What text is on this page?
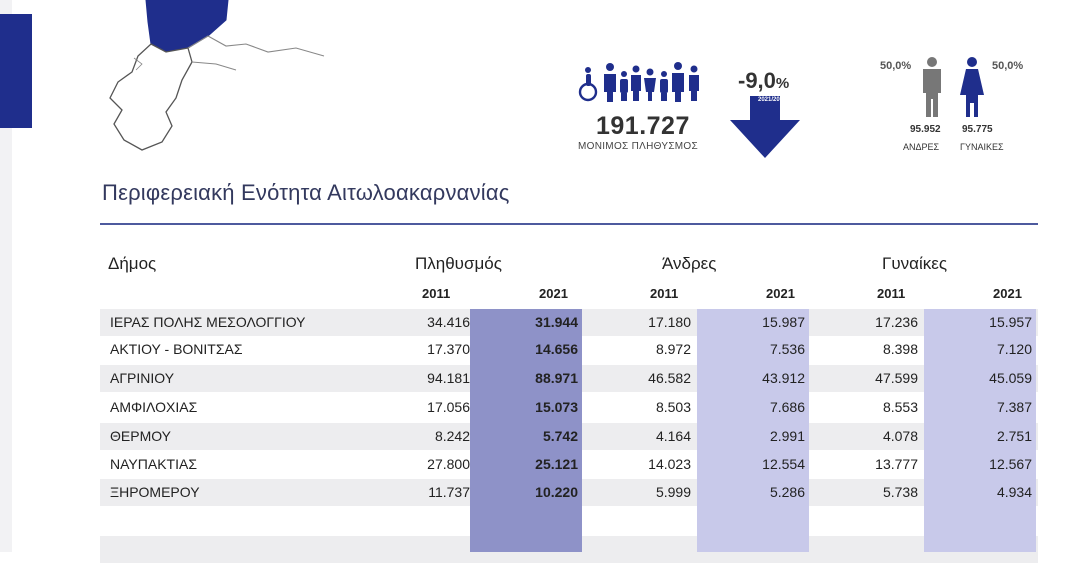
191.727
ΜΟΝΙΜΟΣ ΠΛΗΘΥΣΜΟΣ
-9,0%
2021/2011
50,0%	50,0%
95.952 95.775
ΑΝΔΡΕΣ ΓΥΝΑΙΚΕΣ
Περιφερειακή Ενότητα Αιτωλοακαρνανίας
Δήμος	Πληθυσμός	Άνδρες	Γυναίκες
2011	2021	2011	2021	2011	2021
ΙΕΡΑΣ ΠΟΛΗΣ ΜΕΣΟΛΟΓΓΙΟΥ	34.416	31.944	17.180	15.987	17.236	15.957
ΑΚΤΙΟΥ - ΒΟΝΙΤΣΑΣ	17.370	14.656	8.972	7.536	8.398	7.120
ΑΓΡΙΝΙΟΥ	94.181	88.971	46.582	43.912	47.599	45.059
ΑΜΦΙΛΟΧΙΑΣ	17.056	15.073	8.503	7.686	8.553	7.387
ΘΕΡΜΟΥ	8.242	5.742	4.164	2.991	4.078	2.751
ΝΑΥΠΑΚΤΙΑΣ	27.800	25.121	14.023	12.554	13.777	12.567
ΞΗΡΟΜΕΡΟΥ	11.737	10.220	5.999	5.286	5.738	4.934
